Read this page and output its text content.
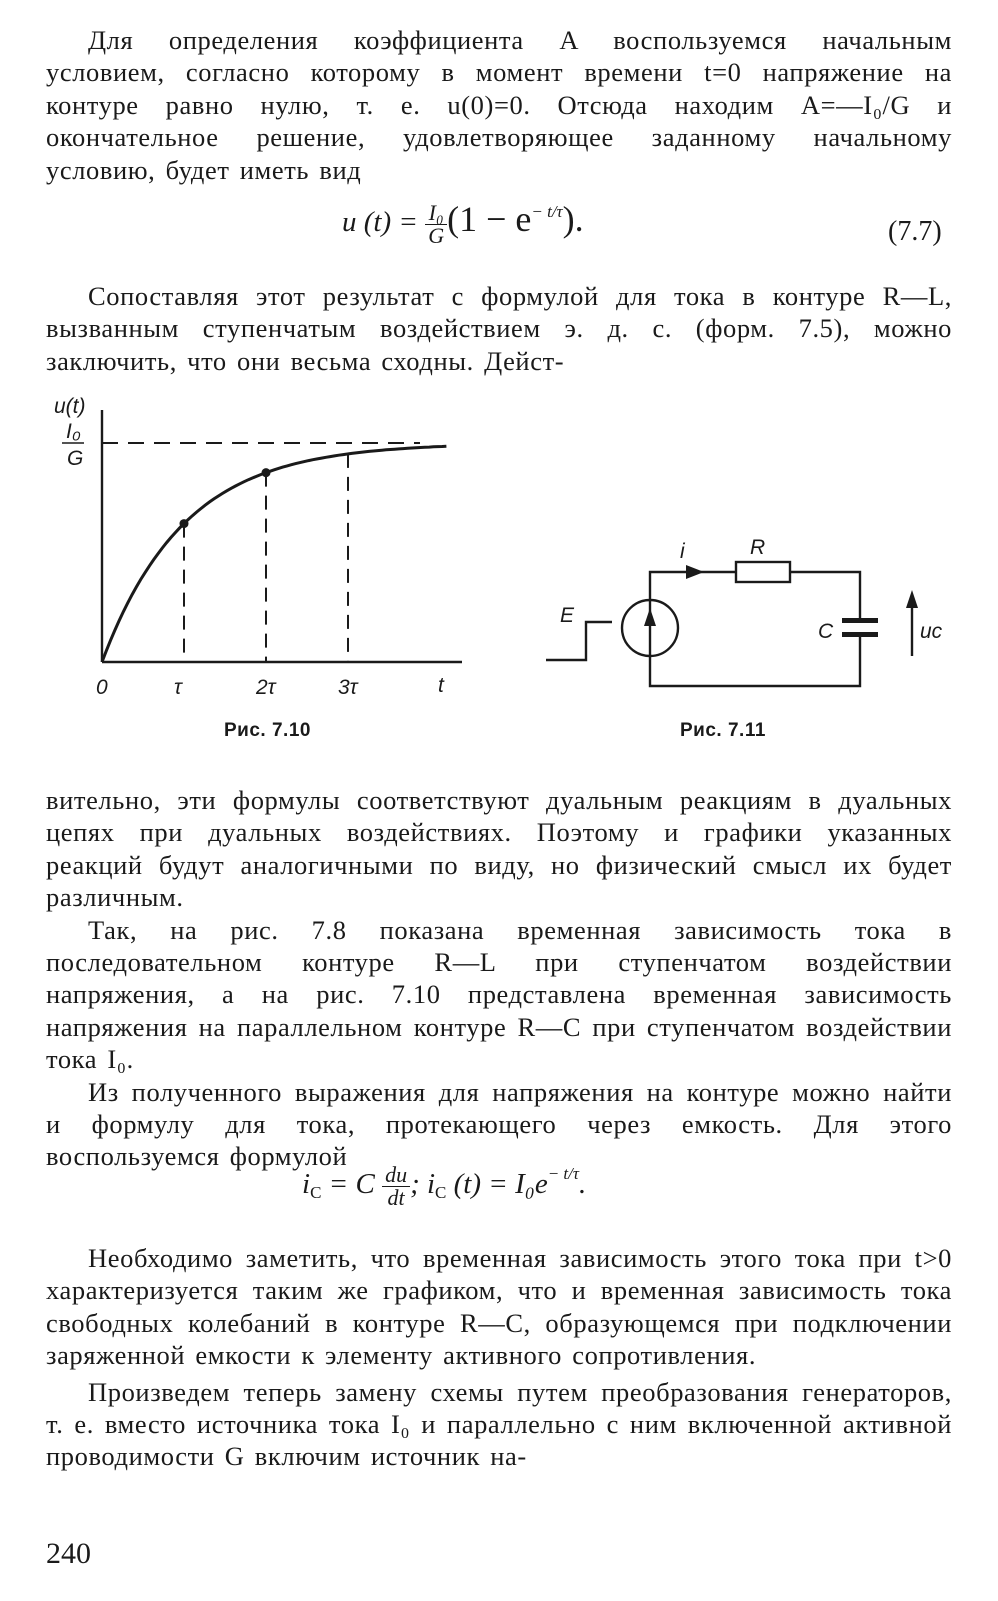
Для определения коэффициента A воспользуемся начальным условием, согласно которому в момент времени t=0 напряжение на контуре равно нулю, т. е. u(0)=0. Отсюда находим A=—I₀/G и окончательное решение, удовлетворяющее заданному начальному условию, будет иметь вид

u $(t) = \frac{\text{I₀}}{G} (1 - e^{- t/\tau})$.	(7.7)

Сопоставляя этот результат с формулой для тока в контуре R—L, вызванным ступенчатым воздействием э. д. с. (форм. 7.5), можно заключить, что они весьма сходны. Дейст-

u(t)
I₀
G
0	τ	2τ	3τ	t
Рис. 7.10
i	R
E
C	uc
Рис. 7.11

вительно, эти формулы соответствуют дуальным реакциям в дуальных цепях при дуальных воздействиях. Поэтому и графики указанных реакций будут аналогичными по виду, но физический смысл их будет различным.

Так, на рис. 7.8 показана временная зависимость тока в последовательном контуре R—L при ступенчатом воздействии напряжения, а на рис. 7.10 представлена временная зависимость напряжения на параллельном контуре R—C при ступенчатом воздействии тока I₀.

Из полученного выражения для напряжения на контуре можно найти и формулу для тока, протекающего через емкость. Для этого воспользуемся формулой

$i_C = C \frac{du}{dt}$ ; $i_C$ $(t) = I_0e^{- t/\tau}$.

Необходимо заметить, что временная зависимость этого тока при t>0 характеризуется таким же графиком, что и временная зависимость тока свободных колебаний в контуре R—C, образующемся при подключении заряженной емкости к элементу активного сопротивления.

Произведем теперь замену схемы путем преобразования генераторов, т. е. вместо источника тока I₀ и параллельно с ним включенной активной проводимости G включим источник на-

240
